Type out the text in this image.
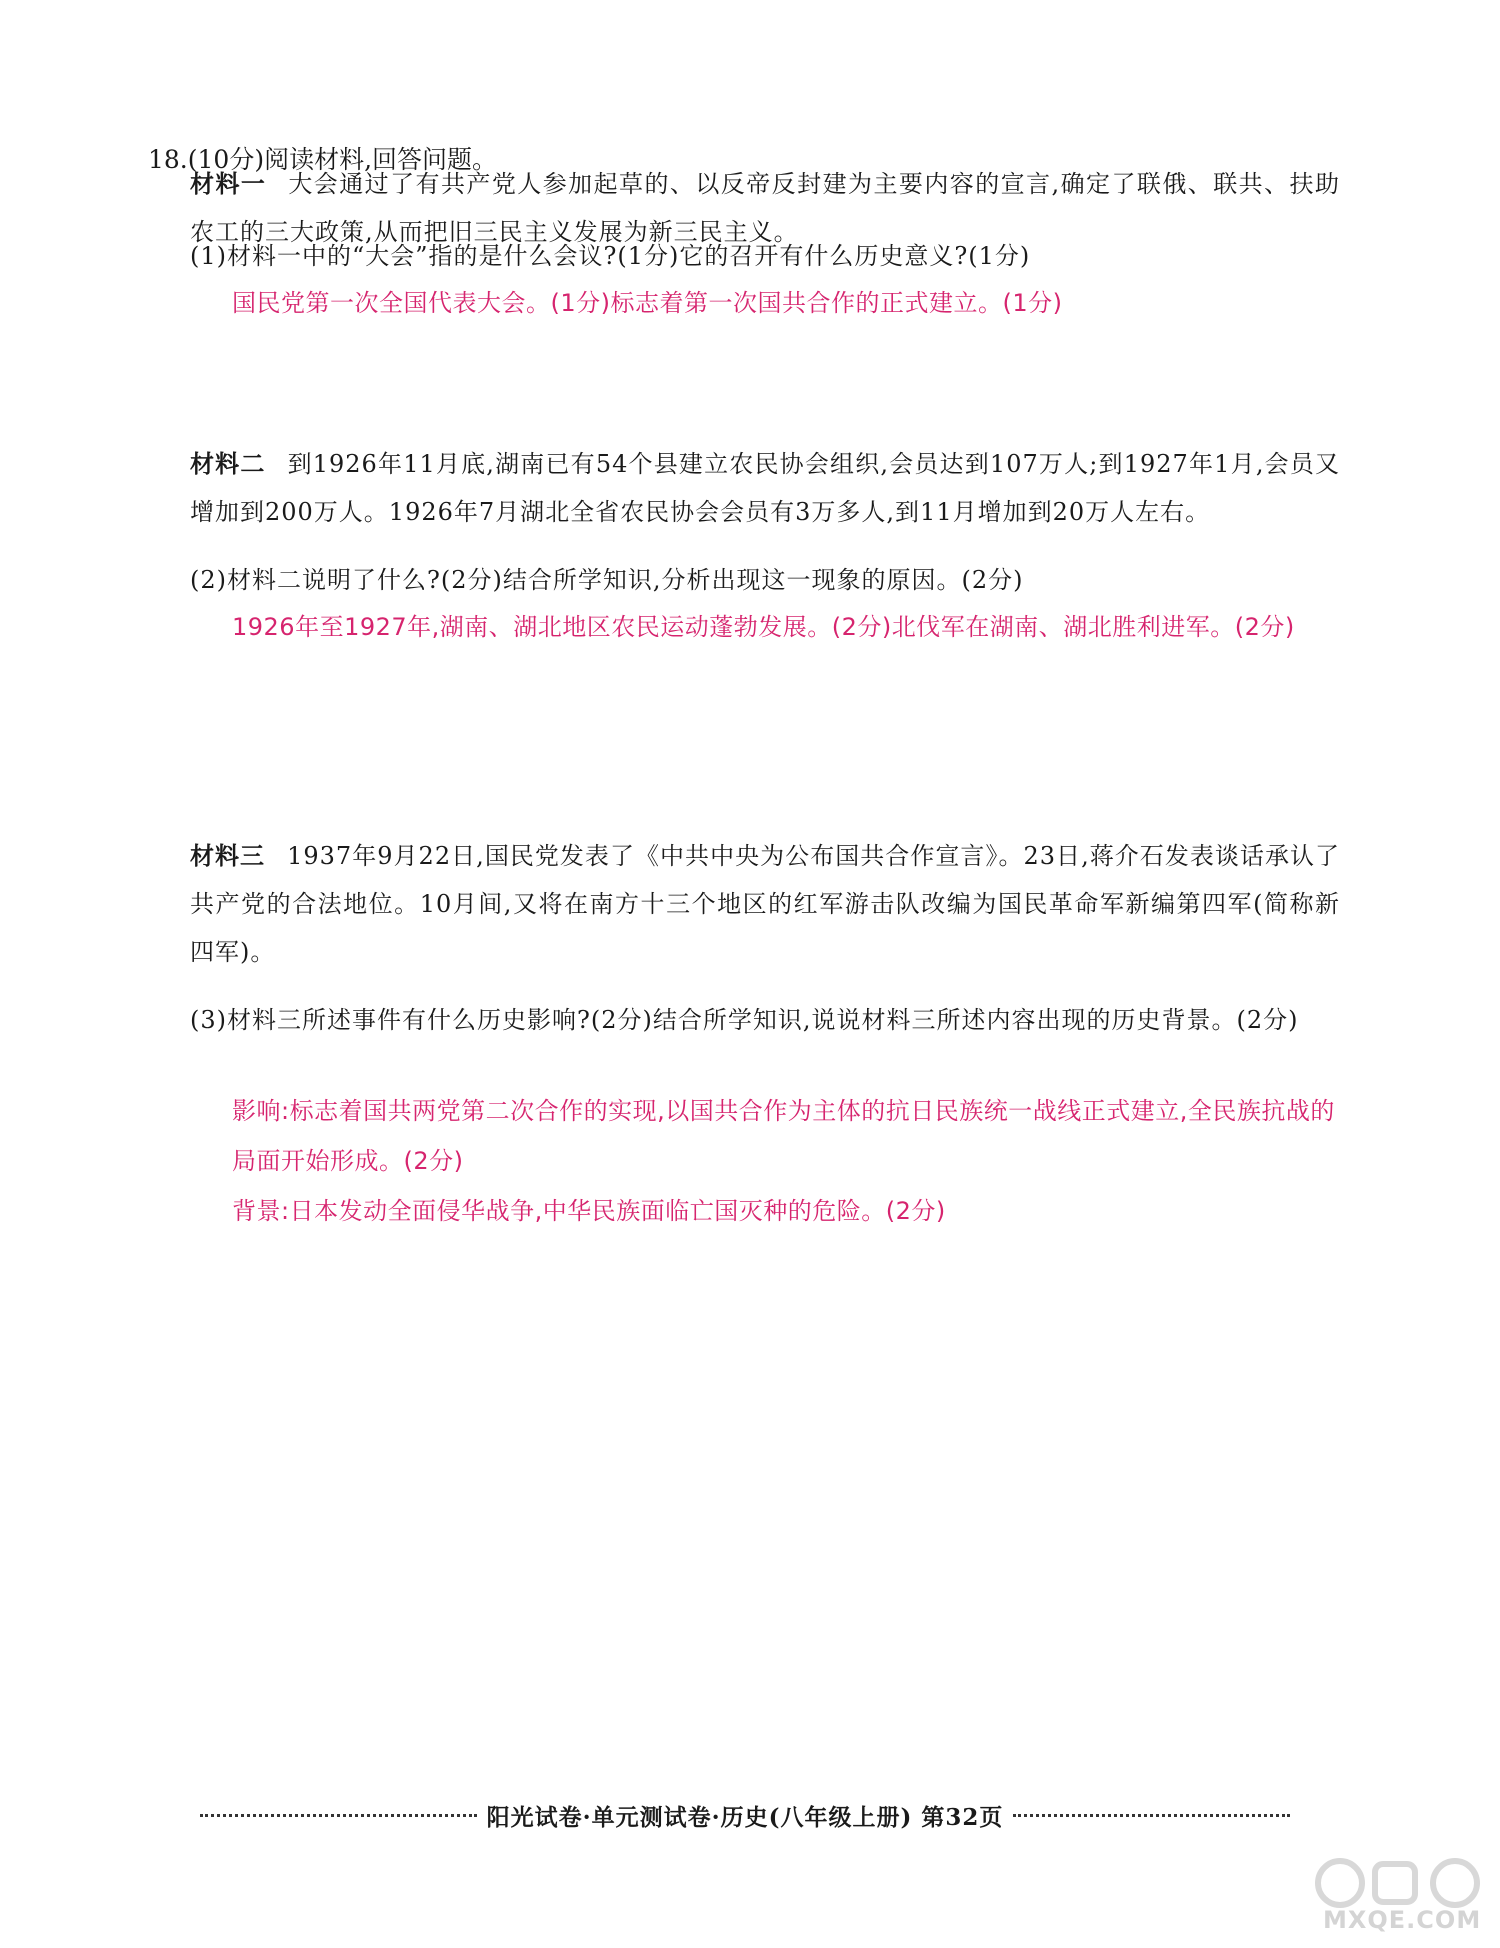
18.(10分)阅读材料,回答问题。
材料一 大会通过了有共产党人参加起草的、以反帝反封建为主要内容的宣言,确定了联俄、联共、扶助农工的三大政策,从而把旧三民主义发展为新三民主义。
(1)材料一中的“大会”指的是什么会议?(1分)它的召开有什么历史意义?(1分)
国民党第一次全国代表大会。(1分)标志着第一次国共合作的正式建立。(1分)
材料二 到1926年11月底,湖南已有54个县建立农民协会组织,会员达到107万人;到1927年1月,会员又增加到200万人。1926年7月湖北全省农民协会会员有3万多人,到11月增加到20万人左右。
(2)材料二说明了什么?(2分)结合所学知识,分析出现这一现象的原因。(2分)
1926年至1927年,湖南、湖北地区农民运动蓬勃发展。(2分)北伐军在湖南、湖北胜利进军。(2分)
材料三 1937年9月22日,国民党发表了《中共中央为公布国共合作宣言》。23日,蒋介石发表谈话承认了共产党的合法地位。10月间,又将在南方十三个地区的红军游击队改编为国民革命军新编第四军(简称新四军)。
(3)材料三所述事件有什么历史影响?(2分)结合所学知识,说说材料三所述内容出现的历史背景。(2分)
影响:标志着国共两党第二次合作的实现,以国共合作为主体的抗日民族统一战线正式建立,全民族抗战的局面开始形成。(2分)
背景:日本发动全面侵华战争,中华民族面临亡国灭种的危险。(2分)
阳光试卷·单元测试卷·历史(八年级上册) 第32页
MXQE.COM
